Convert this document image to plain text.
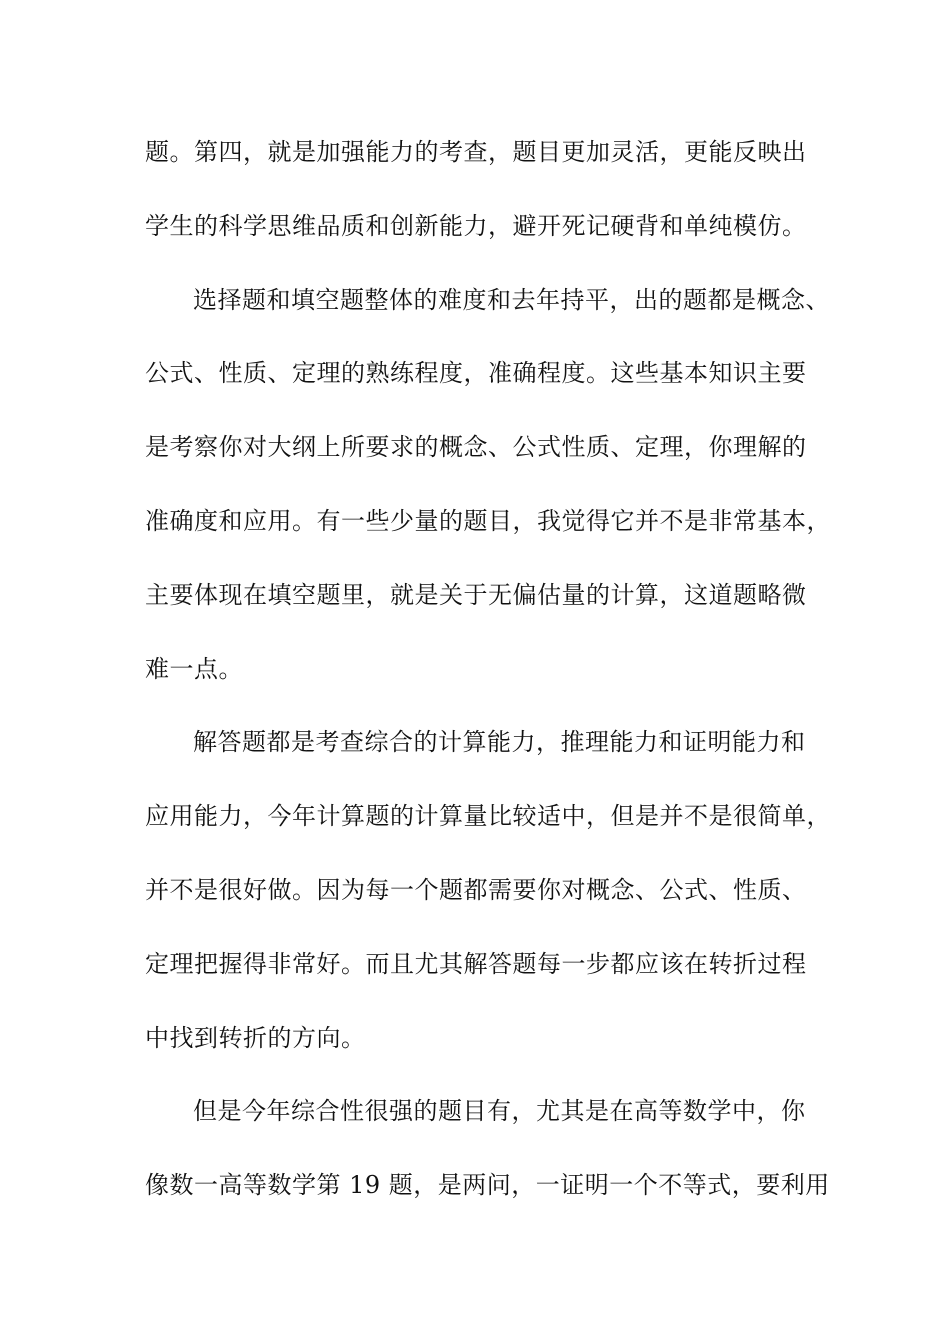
题。第四，就是加强能力的考查，题目更加灵活，更能反映出
学生的科学思维品质和创新能力，避开死记硬背和单纯模仿。
选择题和填空题整体的难度和去年持平，出的题都是概念、
公式、性质、定理的熟练程度，准确程度。这些基本知识主要
是考察你对大纲上所要求的概念、公式性质、定理，你理解的
准确度和应用。有一些少量的题目，我觉得它并不是非常基本，
主要体现在填空题里，就是关于无偏估量的计算，这道题略微
难一点。
解答题都是考查综合的计算能力，推理能力和证明能力和
应用能力，今年计算题的计算量比较适中，但是并不是很简单，
并不是很好做。因为每一个题都需要你对概念、公式、性质、
定理把握得非常好。而且尤其解答题每一步都应该在转折过程
中找到转折的方向。
但是今年综合性很强的题目有，尤其是在高等数学中，你
像数一高等数学第 19 题，是两问，一证明一个不等式，要利用
